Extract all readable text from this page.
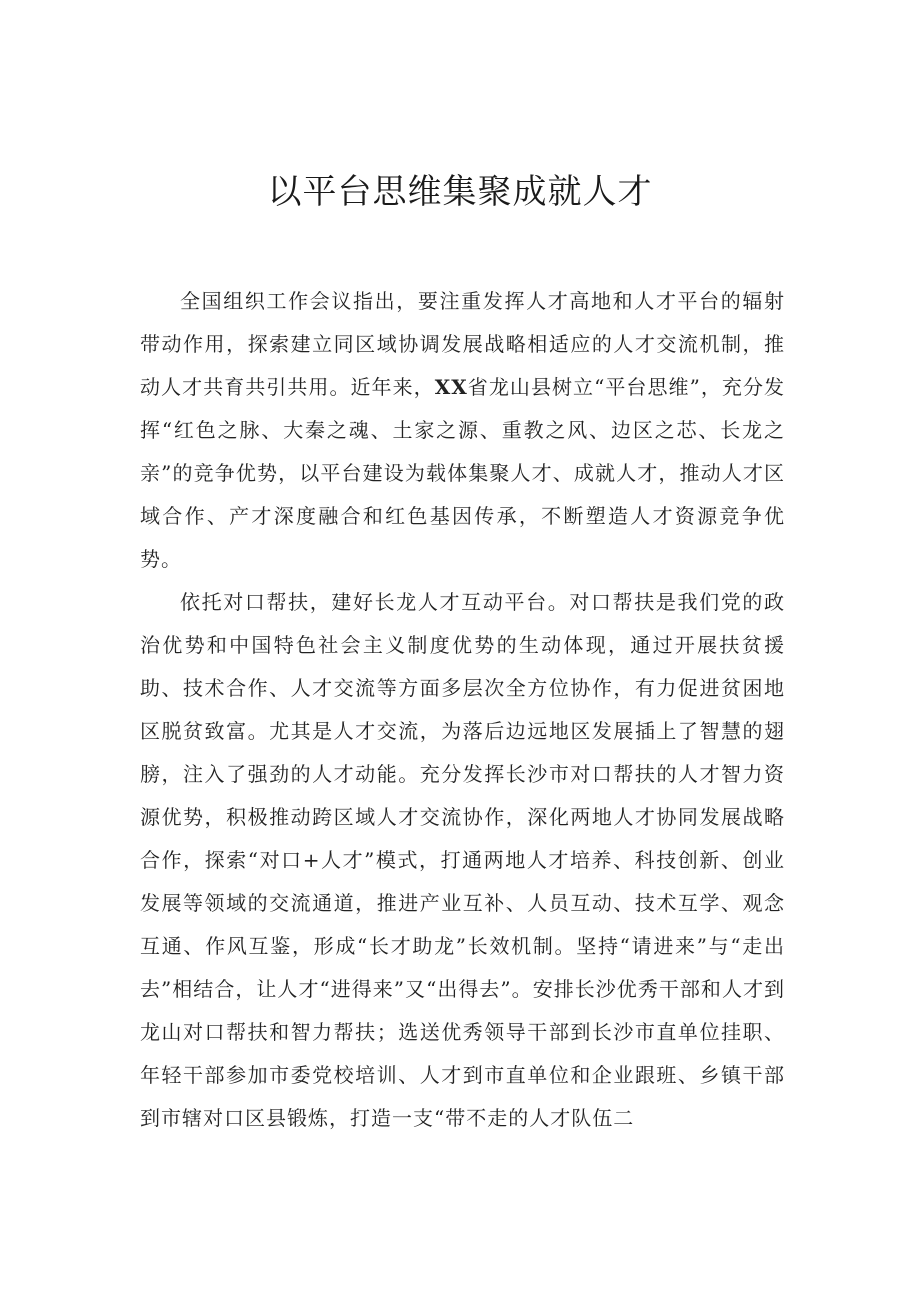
以平台思维集聚成就人才

全国组织工作会议指出，要注重发挥人才高地和人才平台的辐射带动作用，探索建立同区域协调发展战略相适应的人才交流机制，推动人才共育共引共用。近年来，XX省龙山县树立“平台思维”，充分发挥“红色之脉、大秦之魂、土家之源、重教之风、边区之芯、长龙之亲”的竞争优势，以平台建设为载体集聚人才、成就人才，推动人才区域合作、产才深度融合和红色基因传承，不断塑造人才资源竞争优势。

依托对口帮扶，建好长龙人才互动平台。对口帮扶是我们党的政治优势和中国特色社会主义制度优势的生动体现，通过开展扶贫援助、技术合作、人才交流等方面多层次全方位协作，有力促进贫困地区脱贫致富。尤其是人才交流，为落后边远地区发展插上了智慧的翅膀，注入了强劲的人才动能。充分发挥长沙市对口帮扶的人才智力资源优势，积极推动跨区域人才交流协作，深化两地人才协同发展战略合作，探索“对口+人才”模式，打通两地人才培养、科技创新、创业发展等领域的交流通道，推进产业互补、人员互动、技术互学、观念互通、作风互鉴，形成“长才助龙”长效机制。坚持“请进来”与“走出去”相结合，让人才“进得来”又“出得去”。安排长沙优秀干部和人才到龙山对口帮扶和智力帮扶；选送优秀领导干部到长沙市直单位挂职、年轻干部参加市委党校培训、人才到市直单位和企业跟班、乡镇干部到市辖对口区县锻炼，打造一支“带不走的人才队伍二
